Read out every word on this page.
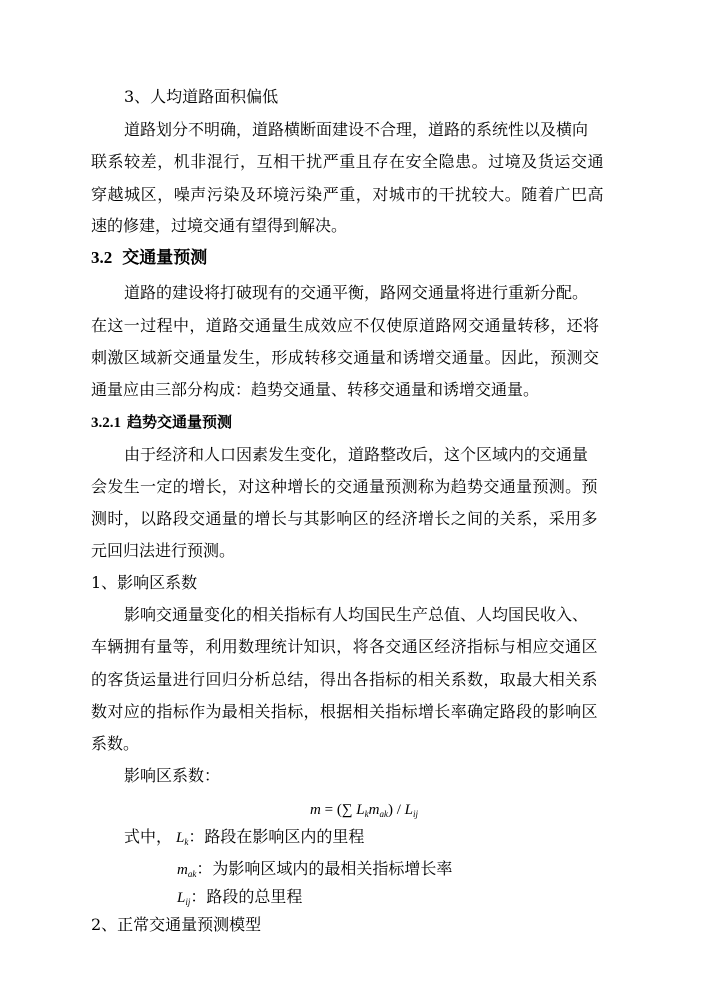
3、人均道路面积偏低

道路划分不明确，道路横断面建设不合理，道路的系统性以及横向

联系较差，机非混行，互相干扰严重且存在安全隐患。过境及货运交通

穿越城区，噪声污染及环境污染严重，对城市的干扰较大。随着广巴高

速的修建，过境交通有望得到解决。

3.2 交通量预测

道路的建设将打破现有的交通平衡，路网交通量将进行重新分配。

在这一过程中，道路交通量生成效应不仅使原道路网交通量转移，还将

刺激区域新交通量发生，形成转移交通量和诱增交通量。因此，预测交

通量应由三部分构成：趋势交通量、转移交通量和诱增交通量。

3.2.1 趋势交通量预测

由于经济和人口因素发生变化，道路整改后，这个区域内的交通量

会发生一定的增长，对这种增长的交通量预测称为趋势交通量预测。预

测时，以路段交通量的增长与其影响区的经济增长之间的关系，采用多

元回归法进行预测。

1、影响区系数

影响交通量变化的相关指标有人均国民生产总值、人均国民收入、

车辆拥有量等，利用数理统计知识，将各交通区经济指标与相应交通区

的客货运量进行回归分析总结，得出各指标的相关系数，取最大相关系

数对应的指标作为最相关指标，根据相关指标增长率确定路段的影响区

系数。

影响区系数：

m = (∑ $L_km_{ak}) / L_{ij}$

式中， $L_k$：路段在影响区内的里程

$m_{ak}$：为影响区域内的最相关指标增长率

$L_{ij}$：路段的总里程

2、正常交通量预测模型
